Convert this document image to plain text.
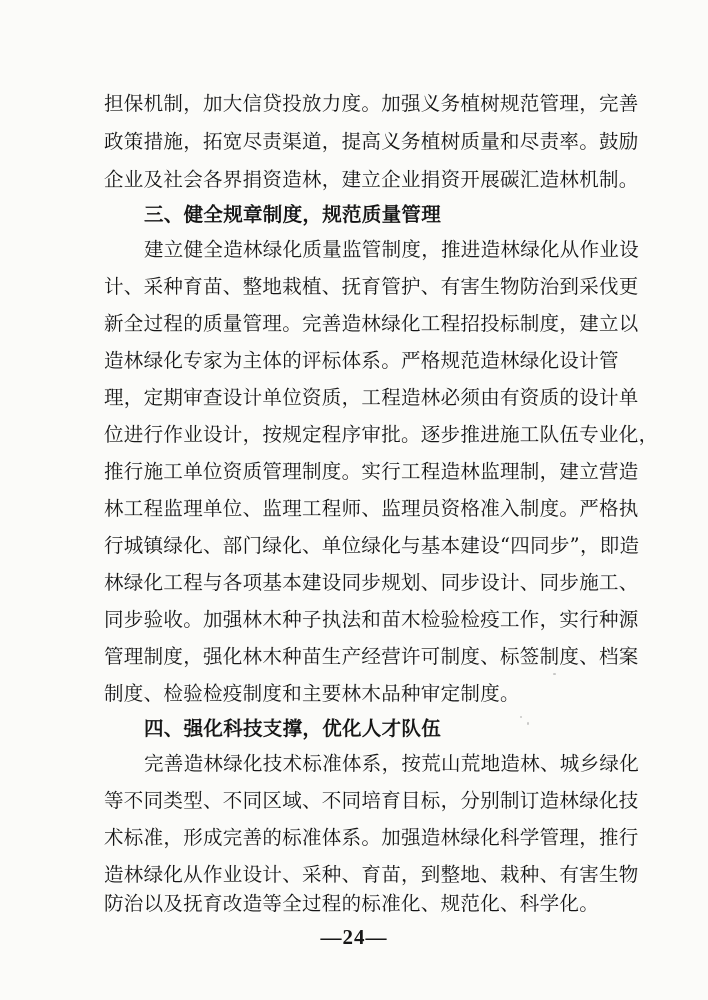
担保机制，加大信贷投放力度。加强义务植树规范管理，完善
政策措施，拓宽尽责渠道，提高义务植树质量和尽责率。鼓励
企业及社会各界捐资造林，建立企业捐资开展碳汇造林机制。
三、健全规章制度，规范质量管理
建立健全造林绿化质量监管制度，推进造林绿化从作业设
计、采种育苗、整地栽植、抚育管护、有害生物防治到采伐更
新全过程的质量管理。完善造林绿化工程招投标制度，建立以
造林绿化专家为主体的评标体系。严格规范造林绿化设计管
理，定期审查设计单位资质，工程造林必须由有资质的设计单
位进行作业设计，按规定程序审批。逐步推进施工队伍专业化，
推行施工单位资质管理制度。实行工程造林监理制，建立营造
林工程监理单位、监理工程师、监理员资格准入制度。严格执
行城镇绿化、部门绿化、单位绿化与基本建设“四同步”，即造
林绿化工程与各项基本建设同步规划、同步设计、同步施工、
同步验收。加强林木种子执法和苗木检验检疫工作，实行种源
管理制度，强化林木种苗生产经营许可制度、标签制度、档案
制度、检验检疫制度和主要林木品种审定制度。
四、强化科技支撑，优化人才队伍
完善造林绿化技术标准体系，按荒山荒地造林、城乡绿化
等不同类型、不同区域、不同培育目标，分别制订造林绿化技
术标准，形成完善的标准体系。加强造林绿化科学管理，推行
造林绿化从作业设计、采种、育苗，到整地、栽种、有害生物
防治以及抚育改造等全过程的标准化、规范化、科学化。
—24—
